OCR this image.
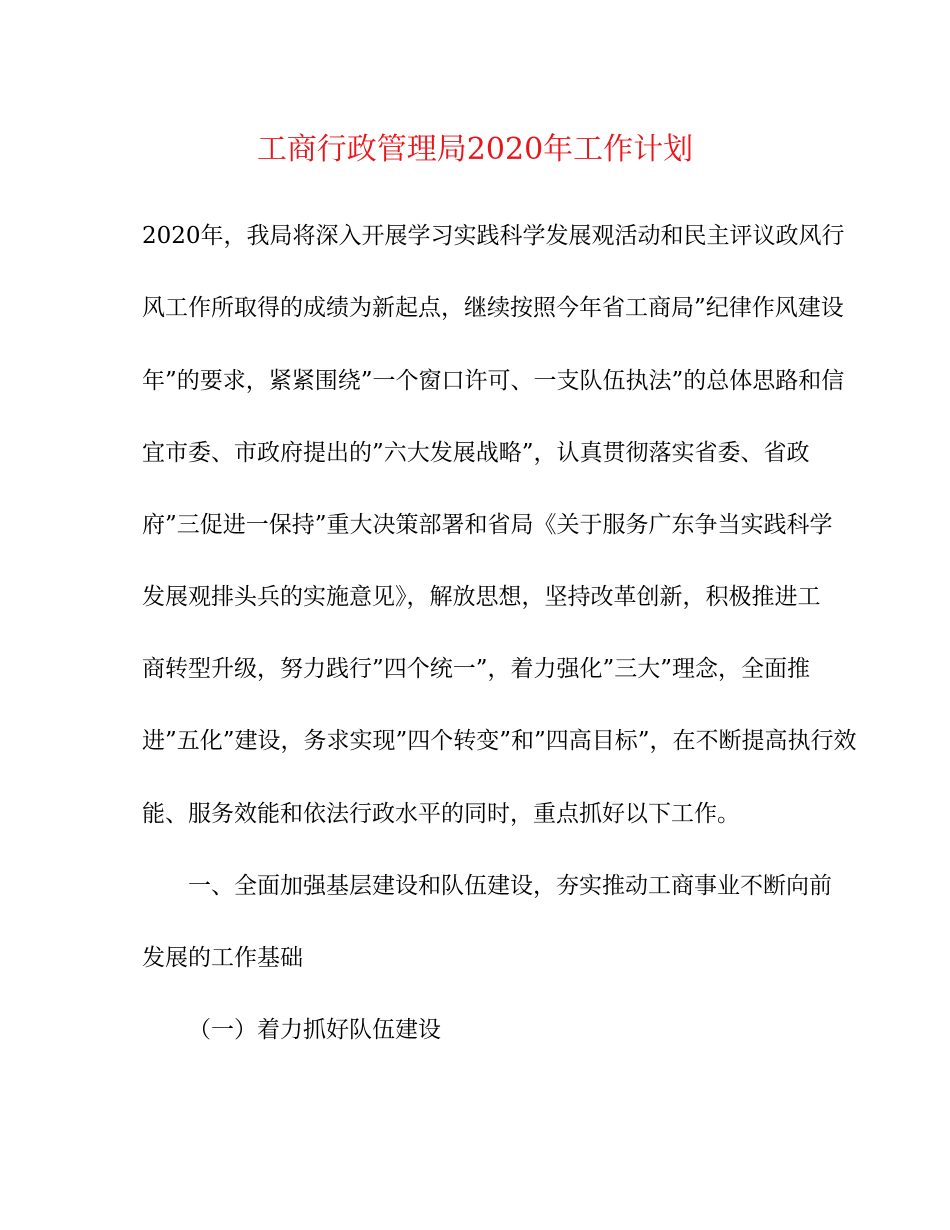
工商行政管理局2020年工作计划

2020年，我局将深入开展学习实践科学发展观活动和民主评议政风行

风工作所取得的成绩为新起点，继续按照今年省工商局”纪律作风建设

年”的要求，紧紧围绕”一个窗口许可、一支队伍执法”的总体思路和信

宜市委、市政府提出的”六大发展战略”，认真贯彻落实省委、省政

府”三促进一保持”重大决策部署和省局《关于服务广东争当实践科学

发展观排头兵的实施意见》，解放思想，坚持改革创新，积极推进工

商转型升级，努力践行”四个统一”，着力强化”三大”理念，全面推

进”五化”建设，务求实现”四个转变”和”四高目标”，在不断提高执行效

能、服务效能和依法行政水平的同时，重点抓好以下工作。

一、全面加强基层建设和队伍建设，夯实推动工商事业不断向前

发展的工作基础

（一）着力抓好队伍建设
